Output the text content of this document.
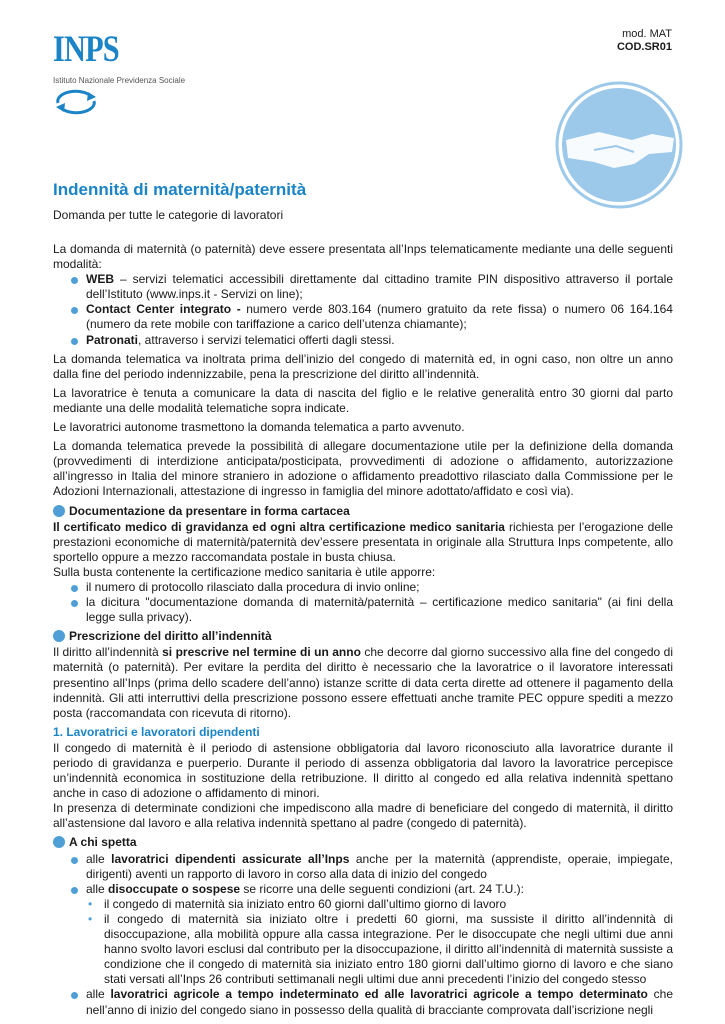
INPS
Istituto Nazionale Previdenza Sociale
mod. MAT
COD.SR01
Indennità di maternità/paternità
Domanda per tutte le categorie di lavoratori

La domanda di maternità (o paternità) deve essere presentata all’Inps telematicamente mediante una delle seguenti modalità:

WEB – servizi telematici accessibili direttamente dal cittadino tramite PIN dispositivo attraverso il portale dell’Istituto (www.inps.it - Servizi on line);
Contact Center integrato - numero verde 803.164 (numero gratuito da rete fissa) o numero 06 164.164 (numero da rete mobile con tariffazione a carico dell’utenza chiamante);
Patronati, attraverso i servizi telematici offerti dagli stessi.

La domanda telematica va inoltrata prima dell’inizio del congedo di maternità ed, in ogni caso, non oltre un anno dalla fine del periodo indennizzabile, pena la prescrizione del diritto all’indennità.

La lavoratrice è tenuta a comunicare la data di nascita del figlio e le relative generalità entro 30 giorni dal parto mediante una delle modalità telematiche sopra indicate.

Le lavoratrici autonome trasmettono la domanda telematica a parto avvenuto.

La domanda telematica prevede la possibilità di allegare documentazione utile per la definizione della domanda (provvedimenti di interdizione anticipata/posticipata, provvedimenti di adozione o affidamento, autorizzazione all’ingresso in Italia del minore straniero in adozione o affidamento preadottivo rilasciato dalla Commissione per le Adozioni Internazionali, attestazione di ingresso in famiglia del minore adottato/affidato e così via).

Documentazione da presentare in forma cartacea

Il certificato medico di gravidanza ed ogni altra certificazione medico sanitaria richiesta per l’erogazione delle prestazioni economiche di maternità/paternità dev’essere presentata in originale alla Struttura Inps competente, allo sportello oppure a mezzo raccomandata postale in busta chiusa.

Sulla busta contenente la certificazione medico sanitaria è utile apporre:

il numero di protocollo rilasciato dalla procedura di invio online;
la dicitura "documentazione domanda di maternità/paternità – certificazione medico sanitaria" (ai fini della legge sulla privacy).
Prescrizione del diritto all’indennità

Il diritto all’indennità si prescrive nel termine di un anno che decorre dal giorno successivo alla fine del congedo di maternità (o paternità). Per evitare la perdita del diritto è necessario che la lavoratrice o il lavoratore interessati presentino all’Inps (prima dello scadere dell’anno) istanze scritte di data certa dirette ad ottenere il pagamento della indennità. Gli atti interruttivi della prescrizione possono essere effettuati anche tramite PEC oppure spediti a mezzo posta (raccomandata con ricevuta di ritorno).

1. Lavoratrici e lavoratori dipendenti

Il congedo di maternità è il periodo di astensione obbligatoria dal lavoro riconosciuto alla lavoratrice durante il periodo di gravidanza e puerperio. Durante il periodo di assenza obbligatoria dal lavoro la lavoratrice percepisce un’indennità economica in sostituzione della retribuzione. Il diritto al congedo ed alla relativa indennità spettano anche in caso di adozione o affidamento di minori.

In presenza di determinate condizioni che impediscono alla madre di beneficiare del congedo di maternità, il diritto all’astensione dal lavoro e alla relativa indennità spettano al padre (congedo di paternità).

A chi spetta
alle lavoratrici dipendenti assicurate all’Inps anche per la maternità (apprendiste, operaie, impiegate, dirigenti) aventi un rapporto di lavoro in corso alla data di inizio del congedo
alle disoccupate o sospese se ricorre una delle seguenti condizioni (art. 24 T.U.):
• il congedo di maternità sia iniziato entro 60 giorni dall’ultimo giorno di lavoro
• il congedo di maternità sia iniziato oltre i predetti 60 giorni, ma sussiste il diritto all’indennità di disoccupazione, alla mobilità oppure alla cassa integrazione. Per le disoccupate che negli ultimi due anni hanno svolto lavori esclusi dal contributo per la disoccupazione, il diritto all’indennità di maternità sussiste a condizione che il congedo di maternità sia iniziato entro 180 giorni dall’ultimo giorno di lavoro e che siano stati versati all’Inps 26 contributi settimanali negli ultimi due anni precedenti l’inizio del congedo stesso
alle lavoratrici agricole a tempo indeterminato ed alle lavoratrici agricole a tempo determinato che nell’anno di inizio del congedo siano in possesso della qualità di bracciante comprovata dall’iscrizione negli
